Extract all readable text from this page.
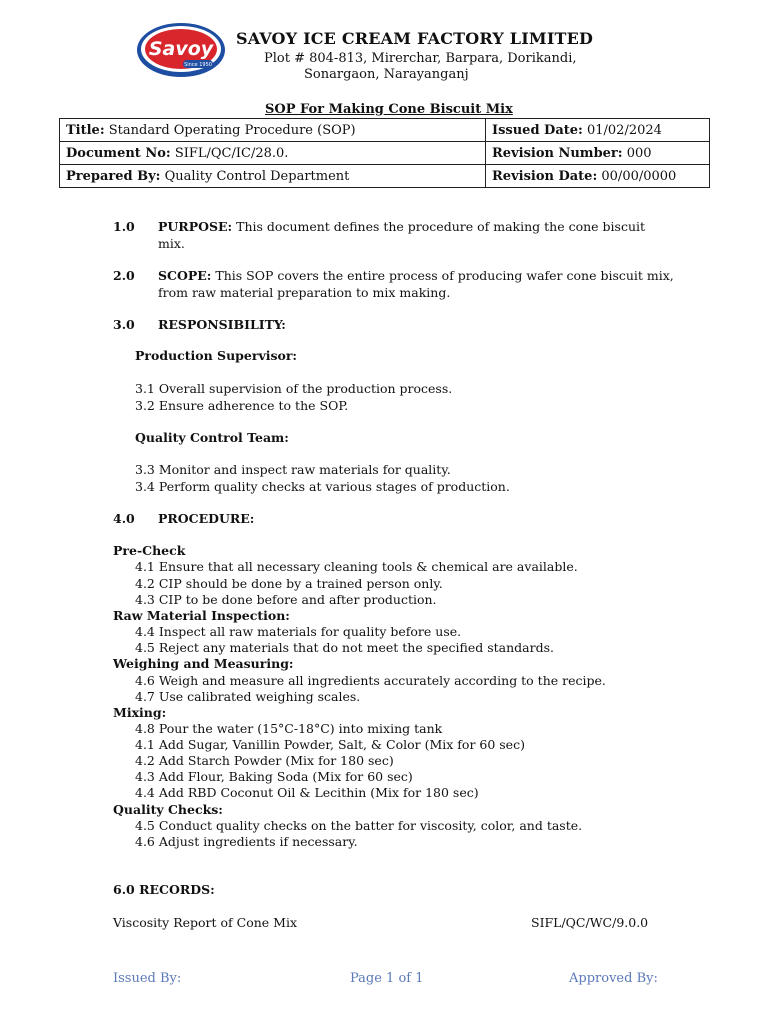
Savoy
Since 1950
SAVOY ICE CREAM FACTORY LIMITED
Plot # 804-813, Mirerchar, Barpara, Dorikandi,
Sonargaon, Narayanganj
SOP For Making Cone Biscuit Mix
Title: Standard Operating Procedure (SOP)	Issued Date: 01/02/2024
Document No: SIFL/QC/IC/28.0.	Revision Number: 000
Prepared By: Quality Control Department	Revision Date: 00/00/0000
1.0 PURPOSE: This document defines the procedure of making the cone biscuit
mix.
2.0 SCOPE: This SOP covers the entire process of producing wafer cone biscuit mix,
from raw material preparation to mix making.
3.0 RESPONSIBILITY:
Production Supervisor:
3.1 Overall supervision of the production process.
3.2 Ensure adherence to the SOP.
Quality Control Team:
3.3 Monitor and inspect raw materials for quality.
3.4 Perform quality checks at various stages of production.
4.0 PROCEDURE:
Pre-Check
4.1 Ensure that all necessary cleaning tools & chemical are available.
4.2 CIP should be done by a trained person only.
4.3 CIP to be done before and after production.
Raw Material Inspection:
4.4 Inspect all raw materials for quality before use.
4.5 Reject any materials that do not meet the specified standards.
Weighing and Measuring:
4.6 Weigh and measure all ingredients accurately according to the recipe.
4.7 Use calibrated weighing scales.
Mixing:
4.8 Pour the water (15°C-18°C) into mixing tank
4.1 Add Sugar, Vanillin Powder, Salt, & Color (Mix for 60 sec)
4.2 Add Starch Powder (Mix for 180 sec)
4.3 Add Flour, Baking Soda (Mix for 60 sec)
4.4 Add RBD Coconut Oil & Lecithin (Mix for 180 sec)
Quality Checks:
4.5 Conduct quality checks on the batter for viscosity, color, and taste.
4.6 Adjust ingredients if necessary.
6.0 RECORDS:
Viscosity Report of Cone Mix	SIFL/QC/WC/9.0.0
Issued By:	Page 1 of 1	Approved By:
